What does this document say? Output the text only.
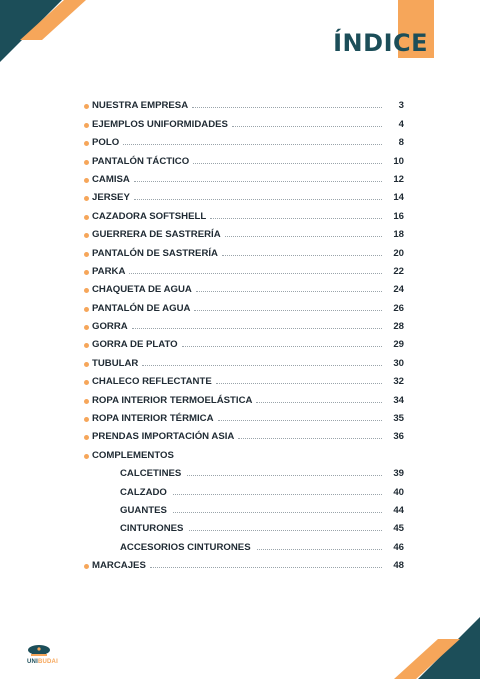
ÍNDICE
NUESTRA EMPRESA	3
EJEMPLOS UNIFORMIDADES	4
POLO	8
PANTALÓN TÁCTICO	10
CAMISA	12
JERSEY	14
CAZADORA SOFTSHELL	16
GUERRERA DE SASTRERÍA	18
PANTALÓN DE SASTRERÍA	20
PARKA	22
CHAQUETA DE AGUA	24
PANTALÓN DE AGUA	26
GORRA	28
GORRA DE PLATO	29
TUBULAR	30
CHALECO REFLECTANTE	32
ROPA INTERIOR TERMOELÁSTICA	34
ROPA INTERIOR TÉRMICA	35
PRENDAS IMPORTACIÓN ASIA	36
COMPLEMENTOS
CALCETINES	39
CALZADO	40
GUANTES	44
CINTURONES	45
ACCESORIOS CINTURONES	46
MARCAJES	48
UNIBUDAI
